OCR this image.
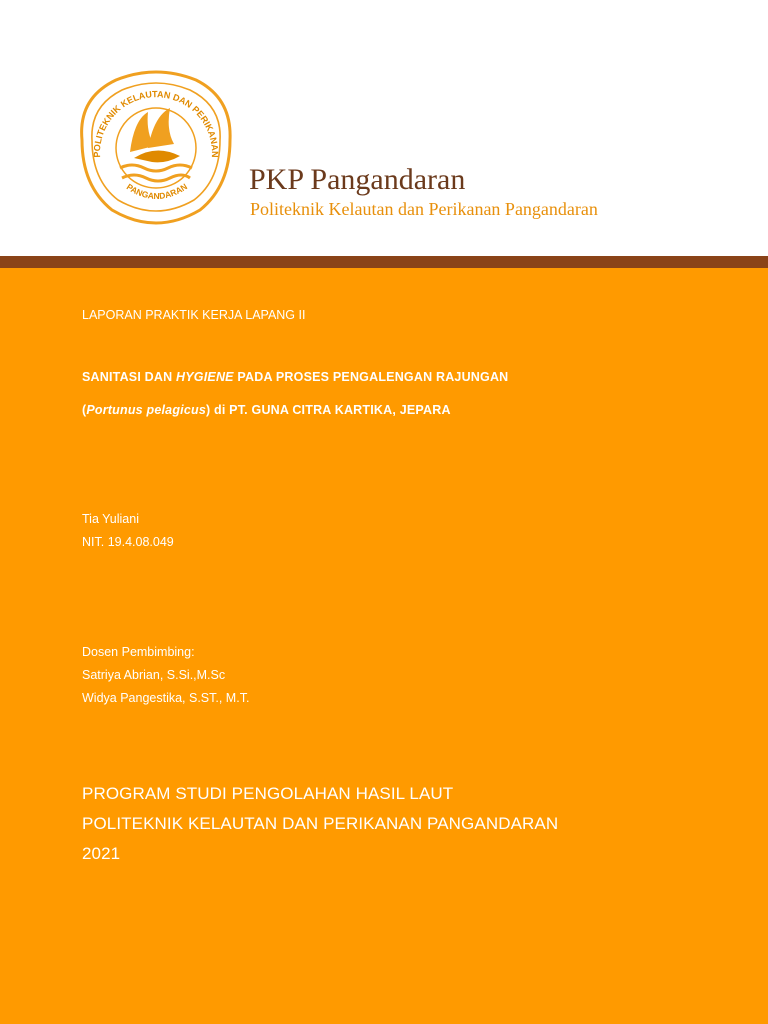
POLITEKNIK KELAUTAN DAN PERIKANAN
PANGANDARAN PKP Pangandaran
Politeknik Kelautan dan Perikanan Pangandaran
LAPORAN PRAKTIK KERJA LAPANG II
SANITASI DAN HYGIENE PADA PROSES PENGALENGAN RAJUNGAN
(Portunus pelagicus) di PT. GUNA CITRA KARTIKA, JEPARA
Tia Yuliani
NIT. 19.4.08.049
Dosen Pembimbing:
Satriya Abrian, S.Si.,M.Sc
Widya Pangestika, S.ST., M.T.
PROGRAM STUDI PENGOLAHAN HASIL LAUT
POLITEKNIK KELAUTAN DAN PERIKANAN PANGANDARAN
2021
